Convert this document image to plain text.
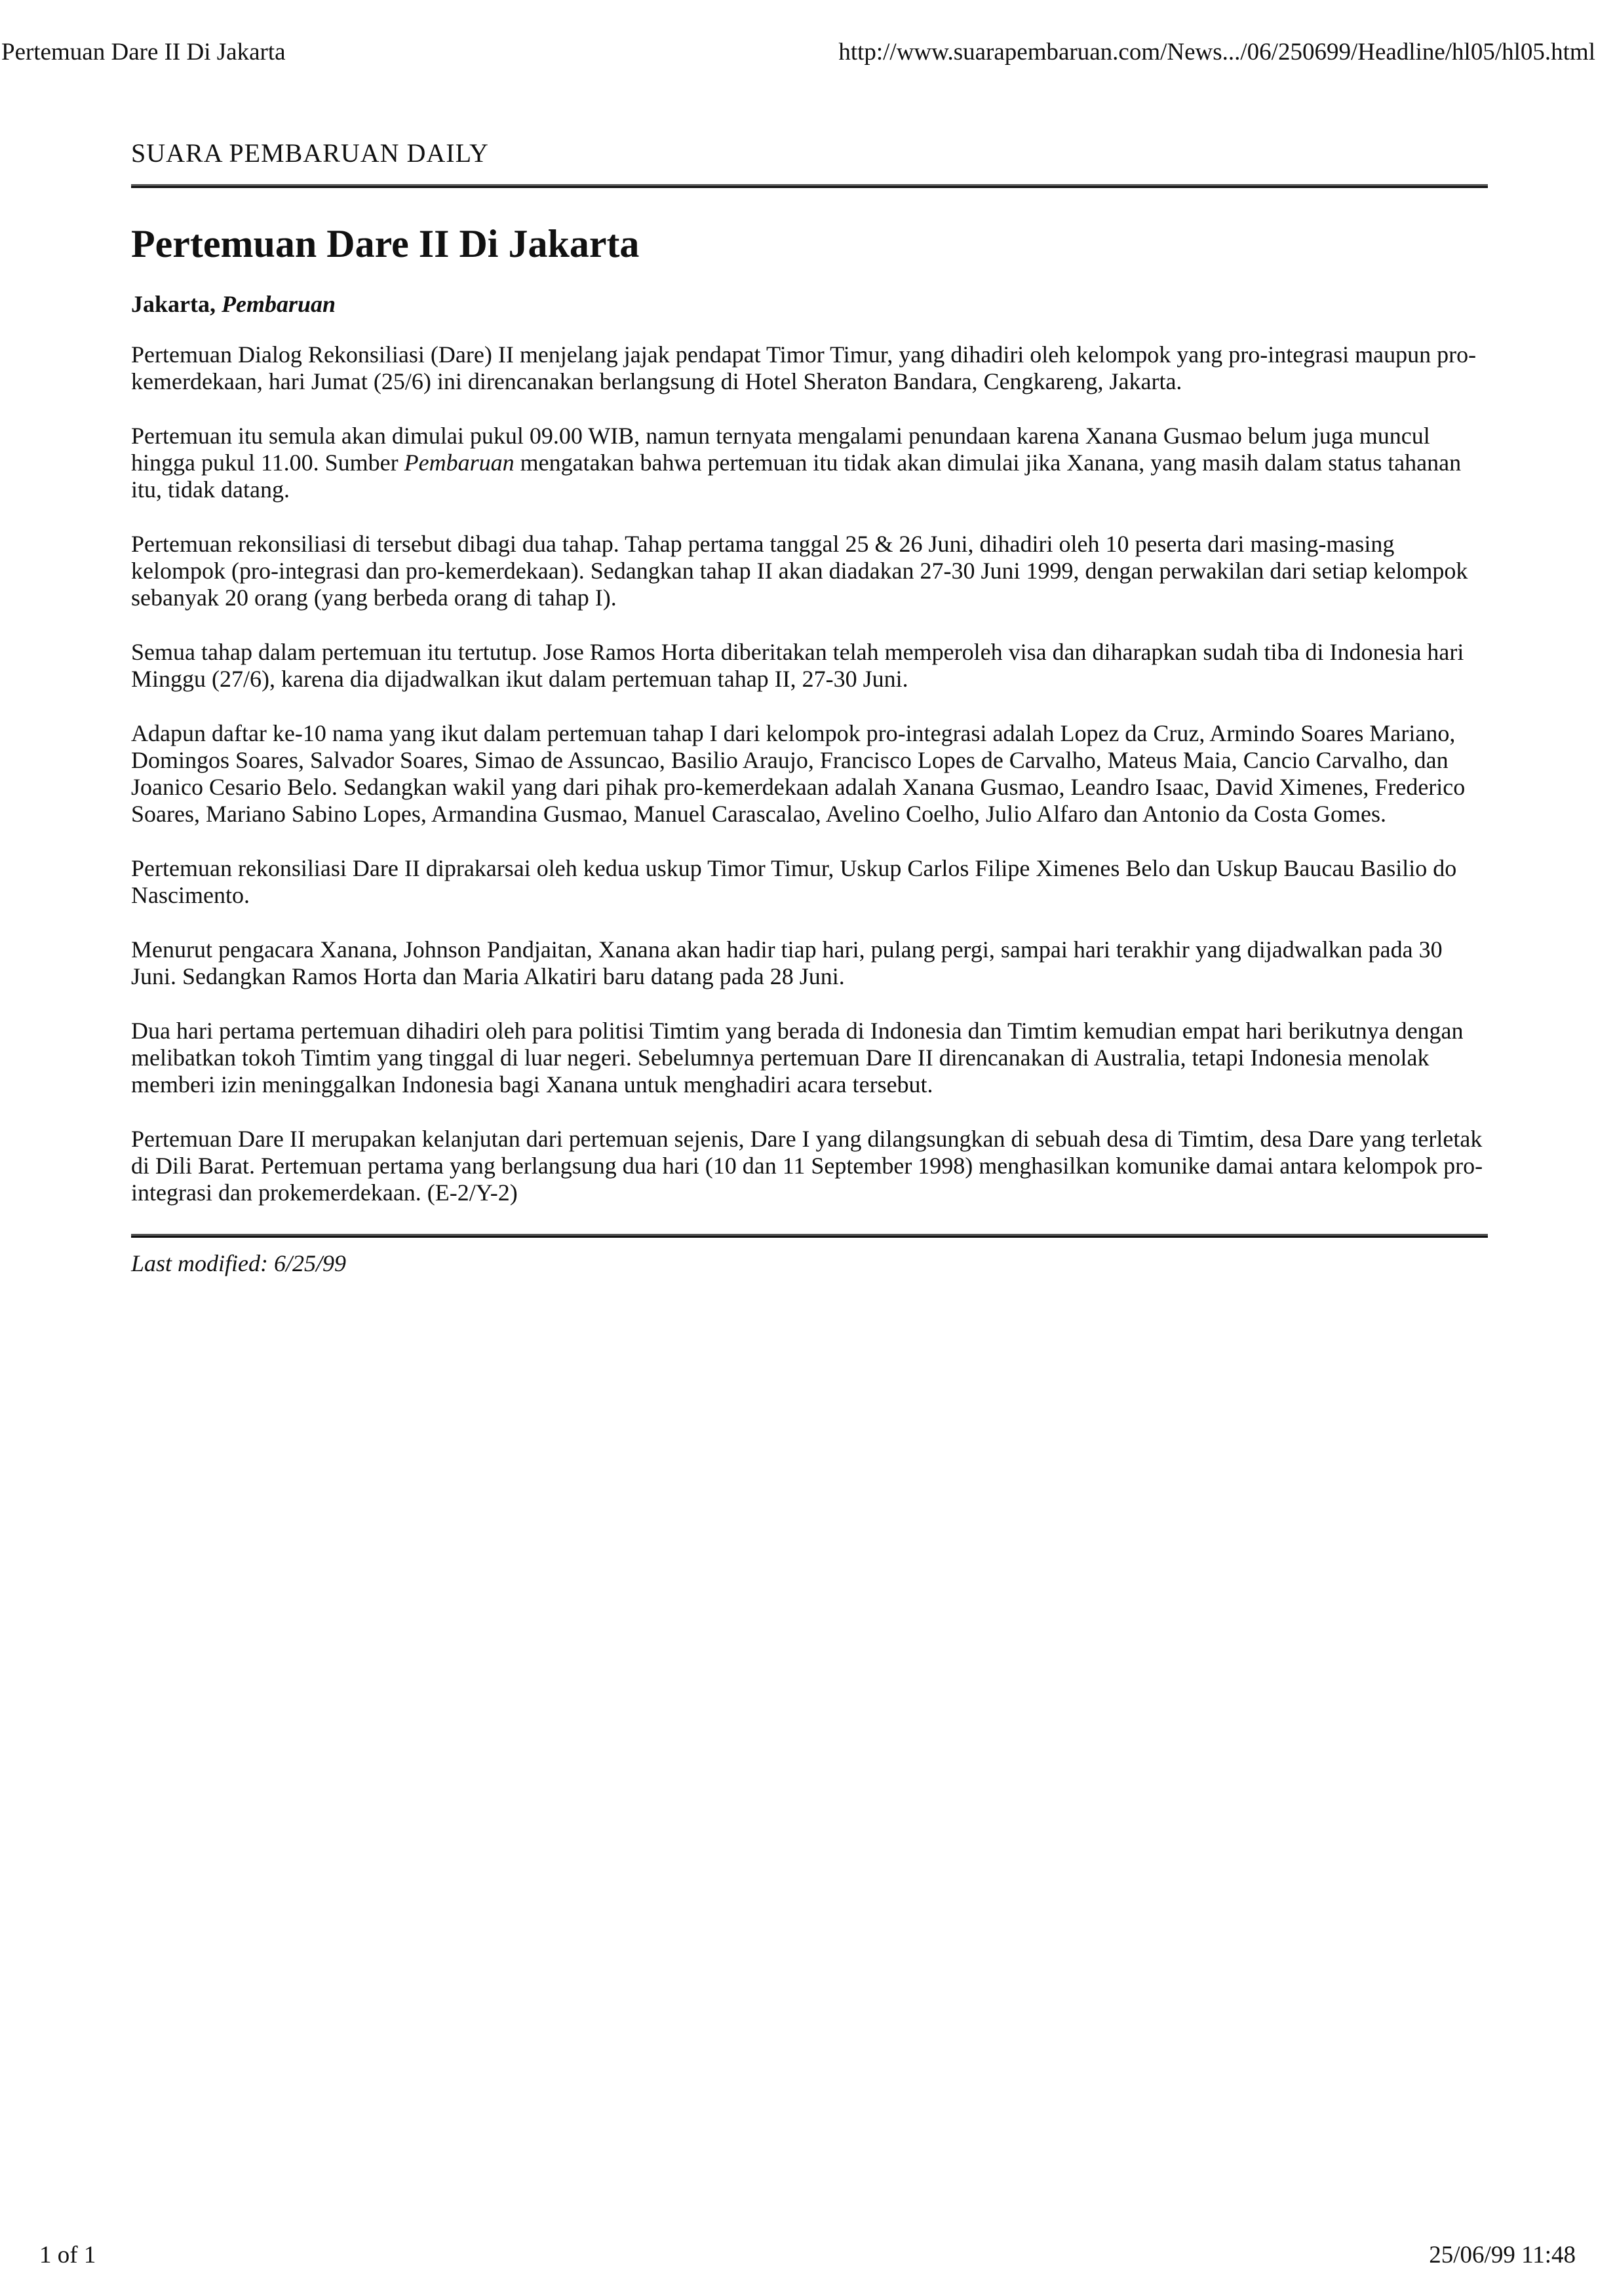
Pertemuan Dare II Di Jakarta	http://www.suarapembaruan.com/News.../06/250699/Headline/hl05/hl05.html
SUARA PEMBARUAN DAILY
Pertemuan Dare II Di Jakarta
Jakarta, Pembaruan

Pertemuan Dialog Rekonsiliasi (Dare) II menjelang jajak pendapat Timor Timur, yang dihadiri oleh kelompok yang pro-integrasi maupun pro-kemerdekaan, hari Jumat (25/6) ini direncanakan berlangsung di Hotel Sheraton Bandara, Cengkareng, Jakarta.

Pertemuan itu semula akan dimulai pukul 09.00 WIB, namun ternyata mengalami penundaan karena Xanana Gusmao belum juga muncul hingga pukul 11.00. Sumber Pembaruan mengatakan bahwa pertemuan itu tidak akan dimulai jika Xanana, yang masih dalam status tahanan itu, tidak datang.

Pertemuan rekonsiliasi di tersebut dibagi dua tahap. Tahap pertama tanggal 25 & 26 Juni, dihadiri oleh 10 peserta dari masing-masing kelompok (pro-integrasi dan pro-kemerdekaan). Sedangkan tahap II akan diadakan 27-30 Juni 1999, dengan perwakilan dari setiap kelompok sebanyak 20 orang (yang berbeda orang di tahap I).

Semua tahap dalam pertemuan itu tertutup. Jose Ramos Horta diberitakan telah memperoleh visa dan diharapkan sudah tiba di Indonesia hari Minggu (27/6), karena dia dijadwalkan ikut dalam pertemuan tahap II, 27-30 Juni.

Adapun daftar ke-10 nama yang ikut dalam pertemuan tahap I dari kelompok pro-integrasi adalah Lopez da Cruz, Armindo Soares Mariano, Domingos Soares, Salvador Soares, Simao de Assuncao, Basilio Araujo, Francisco Lopes de Carvalho, Mateus Maia, Cancio Carvalho, dan Joanico Cesario Belo. Sedangkan wakil yang dari pihak pro-kemerdekaan adalah Xanana Gusmao, Leandro Isaac, David Ximenes, Frederico Soares, Mariano Sabino Lopes, Armandina Gusmao, Manuel Carascalao, Avelino Coelho, Julio Alfaro dan Antonio da Costa Gomes.

Pertemuan rekonsiliasi Dare II diprakarsai oleh kedua uskup Timor Timur, Uskup Carlos Filipe Ximenes Belo dan Uskup Baucau Basilio do Nascimento.

Menurut pengacara Xanana, Johnson Pandjaitan, Xanana akan hadir tiap hari, pulang pergi, sampai hari terakhir yang dijadwalkan pada 30 Juni. Sedangkan Ramos Horta dan Maria Alkatiri baru datang pada 28 Juni.

Dua hari pertama pertemuan dihadiri oleh para politisi Timtim yang berada di Indonesia dan Timtim kemudian empat hari berikutnya dengan melibatkan tokoh Timtim yang tinggal di luar negeri. Sebelumnya pertemuan Dare II direncanakan di Australia, tetapi Indonesia menolak memberi izin meninggalkan Indonesia bagi Xanana untuk menghadiri acara tersebut.

Pertemuan Dare II merupakan kelanjutan dari pertemuan sejenis, Dare I yang dilangsungkan di sebuah desa di Timtim, desa Dare yang terletak di Dili Barat. Pertemuan pertama yang berlangsung dua hari (10 dan 11 September 1998) menghasilkan komunike damai antara kelompok pro-integrasi dan prokemerdekaan. (E-2/Y-2)

Last modified: 6/25/99
1 of 1	25/06/99 11:48
